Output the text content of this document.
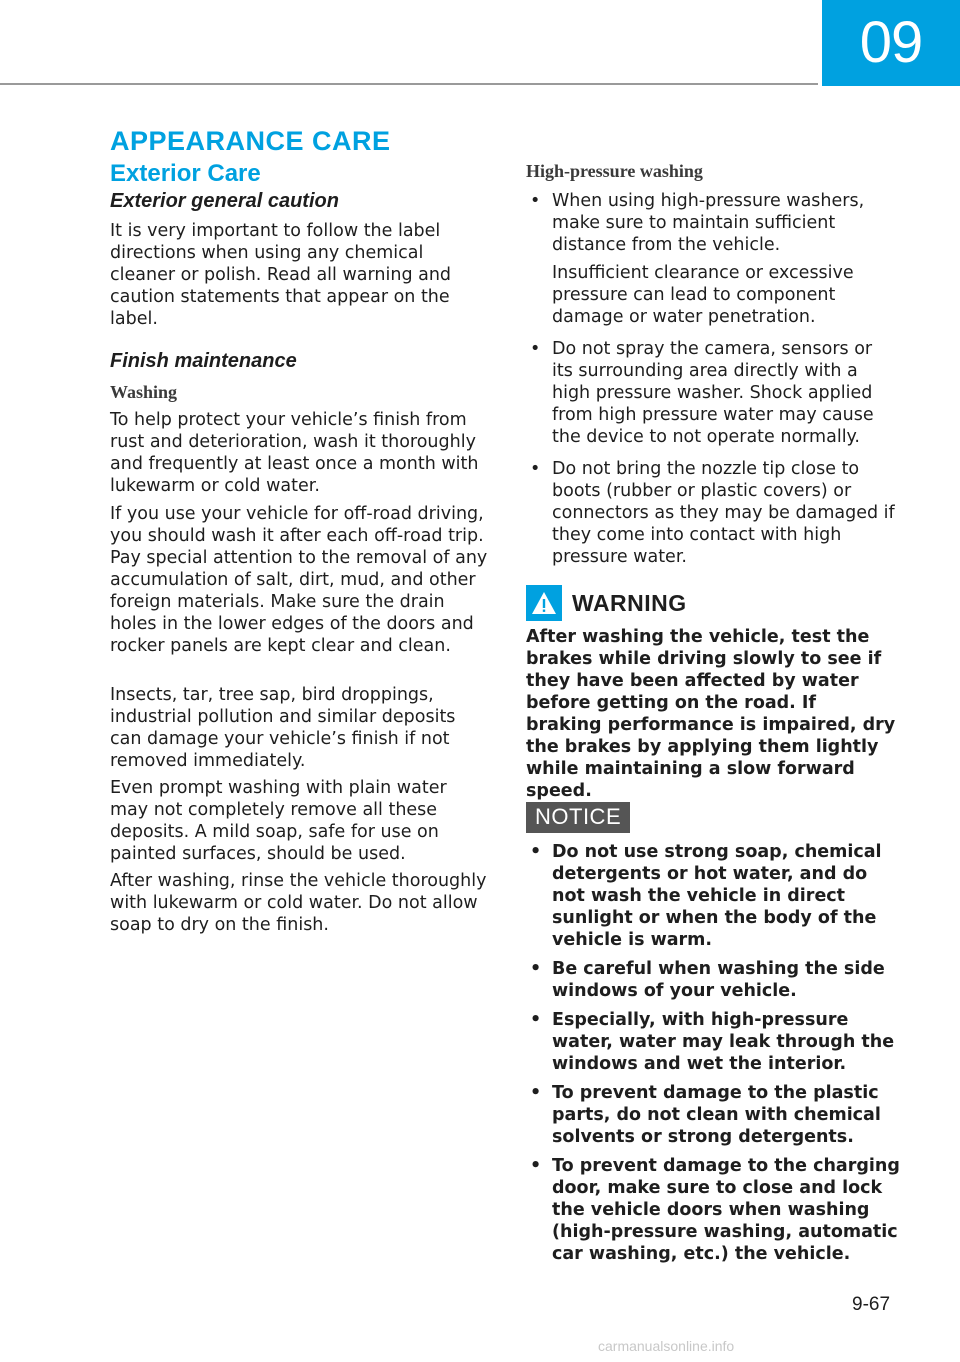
09
APPEARANCE CARE
Exterior Care
Exterior general caution

It is very important to follow the label directions when using any chemical cleaner or polish. Read all warning and caution statements that appear on the label.

Finish maintenance
Washing

To help protect your vehicle’s finish from rust and deterioration, wash it thoroughly and frequently at least once a month with lukewarm or cold water.

If you use your vehicle for off-road driving, you should wash it after each off-road trip. Pay special attention to the removal of any accumulation of salt, dirt, mud, and other foreign materials. Make sure the drain holes in the lower edges of the doors and rocker panels are kept clear and clean.

Insects, tar, tree sap, bird droppings, industrial pollution and similar deposits can damage your vehicle’s finish if not removed immediately.

Even prompt washing with plain water may not completely remove all these deposits. A mild soap, safe for use on painted surfaces, should be used.

After washing, rinse the vehicle thoroughly with lukewarm or cold water. Do not allow soap to dry on the finish.

High-pressure washing
• When using high-pressure washers, make sure to maintain sufficient distance from the vehicle.
Insufficient clearance or excessive pressure can lead to component damage or water penetration.
• Do not spray the camera, sensors or its surrounding area directly with a high pressure washer. Shock applied from high pressure water may cause the device to not operate normally.
• Do not bring the nozzle tip close to boots (rubber or plastic covers) or connectors as they may be damaged if they come into contact with high pressure water.
WARNING

After washing the vehicle, test the brakes while driving slowly to see if they have been affected by water before getting on the road. If braking performance is impaired, dry the brakes by applying them lightly while maintaining a slow forward speed.

NOTICE
• Do not use strong soap, chemical detergents or hot water, and do not wash the vehicle in direct sunlight or when the body of the vehicle is warm.
• Be careful when washing the side windows of your vehicle.
• Especially, with high-pressure water, water may leak through the windows and wet the interior.
• To prevent damage to the plastic parts, do not clean with chemical solvents or strong detergents.
• To prevent damage to the charging door, make sure to close and lock the vehicle doors when washing (high-pressure washing, automatic car washing, etc.) the vehicle.
9-67
carmanualsonline.info
